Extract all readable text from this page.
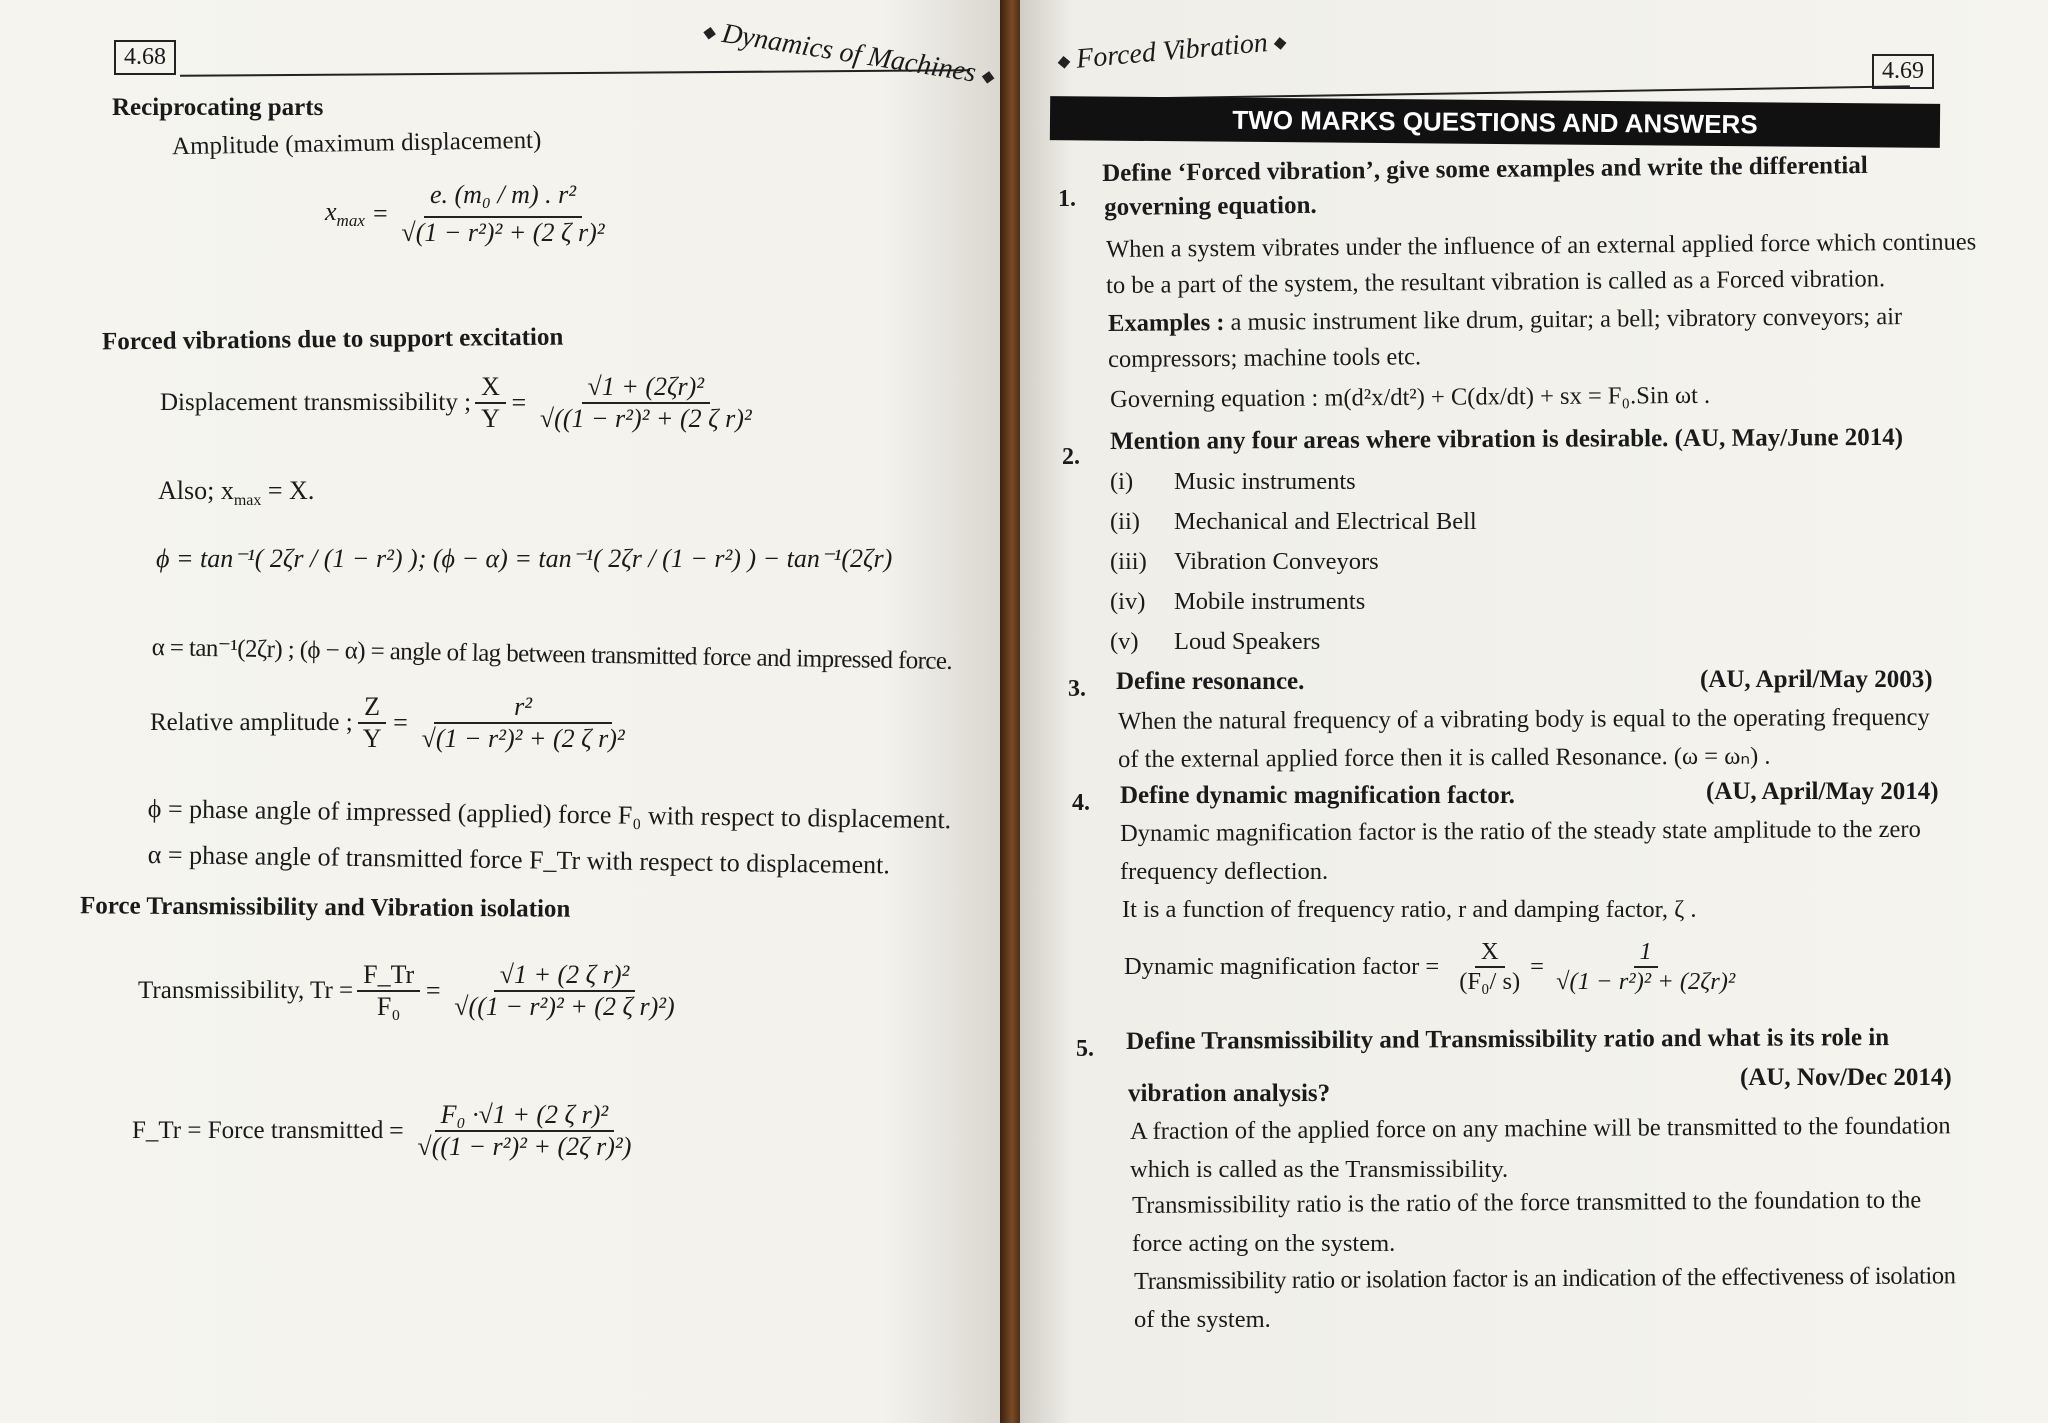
4.68	Dynamics of Machines
Reciprocating parts
Amplitude (maximum displacement)
$x_{max} = \frac{\text{e. (m₀ / m) . r²}}{\text{√(1 − r²)² + (2 ζ r)²}}$
Forced vibrations due to support excitation
Displacement transmissibility ; $\frac{X}{Y} = \frac{\text{√1 + (2ζr)²}}{\text{√((1 − r²)² + (2 ζ r)²}}$
Also; $x_{max} = X$.
ϕ = tan⁻¹( 2ζr / (1 − r²) ); (ϕ − α) = tan⁻¹( 2ζr / (1 − r²) ) − tan⁻¹(2ζr)
α = tan⁻¹(2ζr) ; (ϕ − α) = angle of lag between transmitted force and impressed force.
Relative amplitude ; $\frac{Z}{Y} = \frac{\text{r²}}{\text{√(1 − r²)² + (2 ζ r)²}}$
ϕ = phase angle of impressed (applied) force F₀ with respect to displacement.
α = phase angle of transmitted force F_Tr with respect to displacement.
Force Transmissibility and Vibration isolation
Transmissibility, $Tr = \frac{F\_Tr}{\text{F₀}} = \frac{\text{√1 + (2 ζ r)²}}{\text{√((1 − r²)² + (2 ζ r)²)}}$
F_Tr = Force transmitted = $\frac{\text{F₀ ·√1 + (2 ζ r)²}}{\text{√((1 − r²)² + (2ζ r)²)}}$
Forced Vibration	4.69
TWO MARKS QUESTIONS AND ANSWERS
1.
Define ‘Forced vibration’, give some examples and write the differential
governing equation.
When a system vibrates under the influence of an external applied force which continues
to be a part of the system, the resultant vibration is called as a Forced vibration.
Examples : a music instrument like drum, guitar; a bell; vibratory conveyors; air
compressors; machine tools etc.
Governing equation : m(d²x/dt²) + C(dx/dt) + sx = F₀.Sin ωt .
2.
Mention any four areas where vibration is desirable. (AU, May/June 2014)
(i) Music instruments
(ii) Mechanical and Electrical Bell
(iii) Vibration Conveyors
(iv) Mobile instruments
(v) Loud Speakers
3. Define resonance.	(AU, April/May 2003)
When the natural frequency of a vibrating body is equal to the operating frequency
of the external applied force then it is called Resonance. (ω = ωₙ) .
4. Define dynamic magnification factor.	(AU, April/May 2014)
Dynamic magnification factor is the ratio of the steady state amplitude to the zero
frequency deflection.
It is a function of frequency ratio, r and damping factor, ζ .
Dynamic magnification factor = $\frac{X}{\text{(F₀/ s)}} = \frac{1}{\text{√(1 − r²)² + (2ζr)²}}$
5. Define Transmissibility and Transmissibility ratio and what is its role in
vibration analysis?
(AU, Nov/Dec 2014)
A fraction of the applied force on any machine will be transmitted to the foundation
which is called as the Transmissibility.
Transmissibility ratio is the ratio of the force transmitted to the foundation to the
force acting on the system.
Transmissibility ratio or isolation factor is an indication of the effectiveness of isolation
of the system.
